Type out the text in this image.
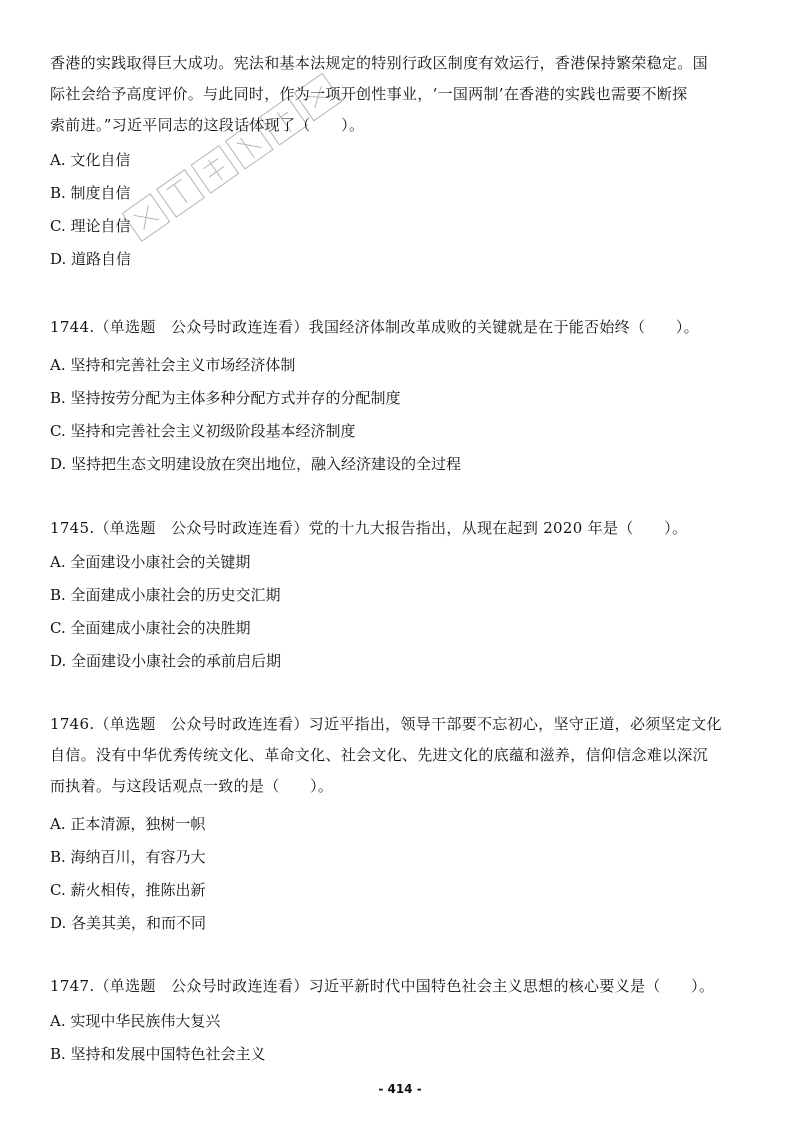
香港的实践取得巨大成功。宪法和基本法规定的特别行政区制度有效运行，香港保持繁荣稳定。国

际社会给予高度评价。与此同时，作为一项开创性事业，‘一国两制’在香港的实践也需要不断探

索前进。”习近平同志的这段话体现了（　　）。

A. 文化自信

B. 制度自信

C. 理论自信

D. 道路自信

1744.（单选题　公众号时政连连看）我国经济体制改革成败的关键就是在于能否始终（　　）。

A. 坚持和完善社会主义市场经济体制

B. 坚持按劳分配为主体多种分配方式并存的分配制度

C. 坚持和完善社会主义初级阶段基本经济制度

D. 坚持把生态文明建设放在突出地位，融入经济建设的全过程

1745.（单选题　公众号时政连连看）党的十九大报告指出，从现在起到 2020 年是（　　）。

A. 全面建设小康社会的关键期

B. 全面建成小康社会的历史交汇期

C. 全面建成小康社会的决胜期

D. 全面建设小康社会的承前启后期

1746.（单选题　公众号时政连连看）习近平指出，领导干部要不忘初心，坚守正道，必须坚定文化

自信。没有中华优秀传统文化、革命文化、社会文化、先进文化的底蕴和滋养，信仰信念难以深沉

而执着。与这段话观点一致的是（　　）。

A. 正本清源，独树一帜

B. 海纳百川，有容乃大

C. 薪火相传，推陈出新

D. 各美其美，和而不同

1747.（单选题　公众号时政连连看）习近平新时代中国特色社会主义思想的核心要义是（　　）。

A. 实现中华民族伟大复兴

B. 坚持和发展中国特色社会主义

- 414 -
